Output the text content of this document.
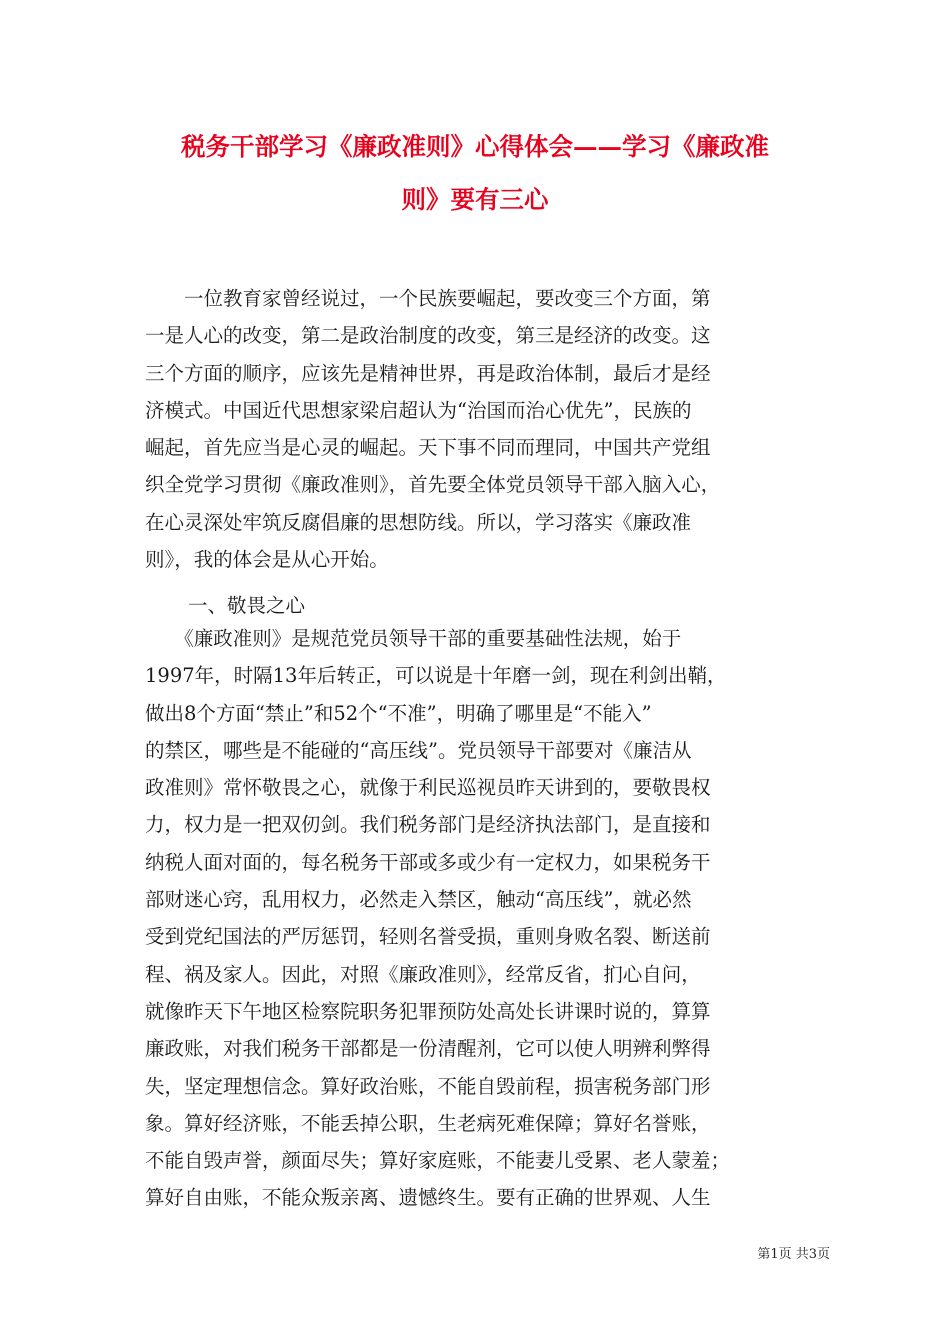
税务干部学习《廉政准则》心得体会——学习《廉政准
则》要有三心
　　一位教育家曾经说过，一个民族要崛起，要改变三个方面，第
一是人心的改变，第二是政治制度的改变，第三是经济的改变。这
三个方面的顺序，应该先是精神世界，再是政治体制，最后才是经
济模式。中国近代思想家梁启超认为“治国而治心优先”，民族的
崛起，首先应当是心灵的崛起。天下事不同而理同，中国共产党组
织全党学习贯彻《廉政准则》，首先要全体党员领导干部入脑入心，
在心灵深处牢筑反腐倡廉的思想防线。所以，学习落实《廉政准
则》，我的体会是从心开始。
一、敬畏之心
　　《廉政准则》是规范党员领导干部的重要基础性法规，始于
1997年，时隔13年后转正，可以说是十年磨一剑，现在利剑出鞘，
做出8个方面“禁止”和52个“不准”，明确了哪里是“不能入”
的禁区，哪些是不能碰的“高压线”。党员领导干部要对《廉洁从
政准则》常怀敬畏之心，就像于利民巡视员昨天讲到的，要敬畏权
力，权力是一把双仞剑。我们税务部门是经济执法部门，是直接和
纳税人面对面的，每名税务干部或多或少有一定权力，如果税务干
部财迷心窍，乱用权力，必然走入禁区，触动“高压线”，就必然
受到党纪国法的严厉惩罚，轻则名誉受损，重则身败名裂、断送前
程、祸及家人。因此，对照《廉政准则》，经常反省，扪心自问，
就像昨天下午地区检察院职务犯罪预防处高处长讲课时说的，算算
廉政账，对我们税务干部都是一份清醒剂，它可以使人明辨利弊得
失，坚定理想信念。算好政治账，不能自毁前程，损害税务部门形
象。算好经济账，不能丢掉公职，生老病死难保障；算好名誉账，
不能自毁声誉，颜面尽失；算好家庭账，不能妻儿受累、老人蒙羞；
算好自由账，不能众叛亲离、遗憾终生。要有正确的世界观、人生
第1页 共3页
